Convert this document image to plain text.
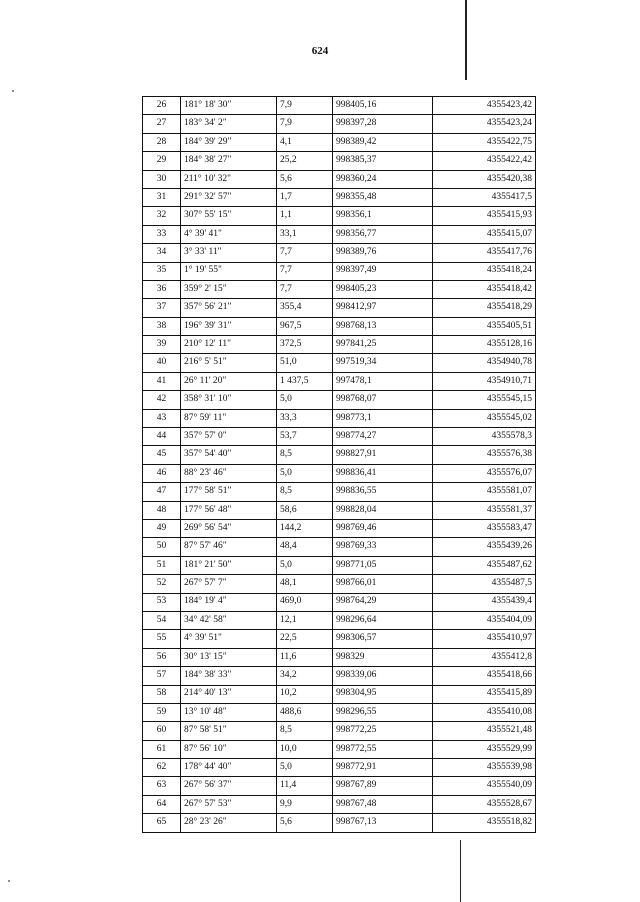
624
26	181° 18' 30"	7,9	998405,16	4355423,42
27	183° 34' 2"	7,9	998397,28	4355423,24
28	184° 39' 29"	4,1	998389,42	4355422,75
29	184° 38' 27"	25,2	998385,37	4355422,42
30	211° 10' 32"	5,6	998360,24	4355420,38
31	291° 32' 57"	1,7	998355,48	4355417,5
32	307° 55' 15"	1,1	998356,1	4355415,93
33	4° 39' 41"	33,1	998356,77	4355415,07
34	3° 33' 11"	7,7	998389,76	4355417,76
35	1° 19' 55"	7,7	998397,49	4355418,24
36	359° 2' 15"	7,7	998405,23	4355418,42
37	357° 56' 21"	355,4	998412,97	4355418,29
38	196° 39' 31"	967,5	998768,13	4355405,51
39	210° 12' 11"	372,5	997841,25	4355128,16
40	216° 5' 51"	51,0	997519,34	4354940,78
41	26° 11' 20"	1 437,5	997478,1	4354910,71
42	358° 31' 10"	5,0	998768,07	4355545,15
43	87° 59' 11"	33,3	998773,1	4355545,02
44	357° 57' 0"	53,7	998774,27	4355578,3
45	357° 54' 40"	8,5	998827,91	4355576,38
46	88° 23' 46"	5,0	998836,41	4355576,07
47	177° 58' 51"	8,5	998836,55	4355581,07
48	177° 56' 48"	58,6	998828,04	4355581,37
49	269° 56' 54"	144,2	998769,46	4355583,47
50	87° 57' 46"	48,4	998769,33	4355439,26
51	181° 21' 50"	5,0	998771,05	4355487,62
52	267° 57' 7"	48,1	998766,01	4355487,5
53	184° 19' 4"	469,0	998764,29	4355439,4
54	34° 42' 58"	12,1	998296,64	4355404,09
55	4° 39' 51"	22,5	998306,57	4355410,97
56	30° 13' 15"	11,6	998329	4355412,8
57	184° 38' 33"	34,2	998339,06	4355418,66
58	214° 40' 13"	10,2	998304,95	4355415,89
59	13° 10' 48"	488,6	998296,55	4355410,08
60	87° 58' 51"	8,5	998772,25	4355521,48
61	87° 56' 10"	10,0	998772,55	4355529,99
62	178° 44' 40"	5,0	998772,91	4355539,98
63	267° 56' 37"	11,4	998767,89	4355540,09
64	267° 57' 53"	9,9	998767,48	4355528,67
65	28° 23' 26"	5,6	998767,13	4355518,82
